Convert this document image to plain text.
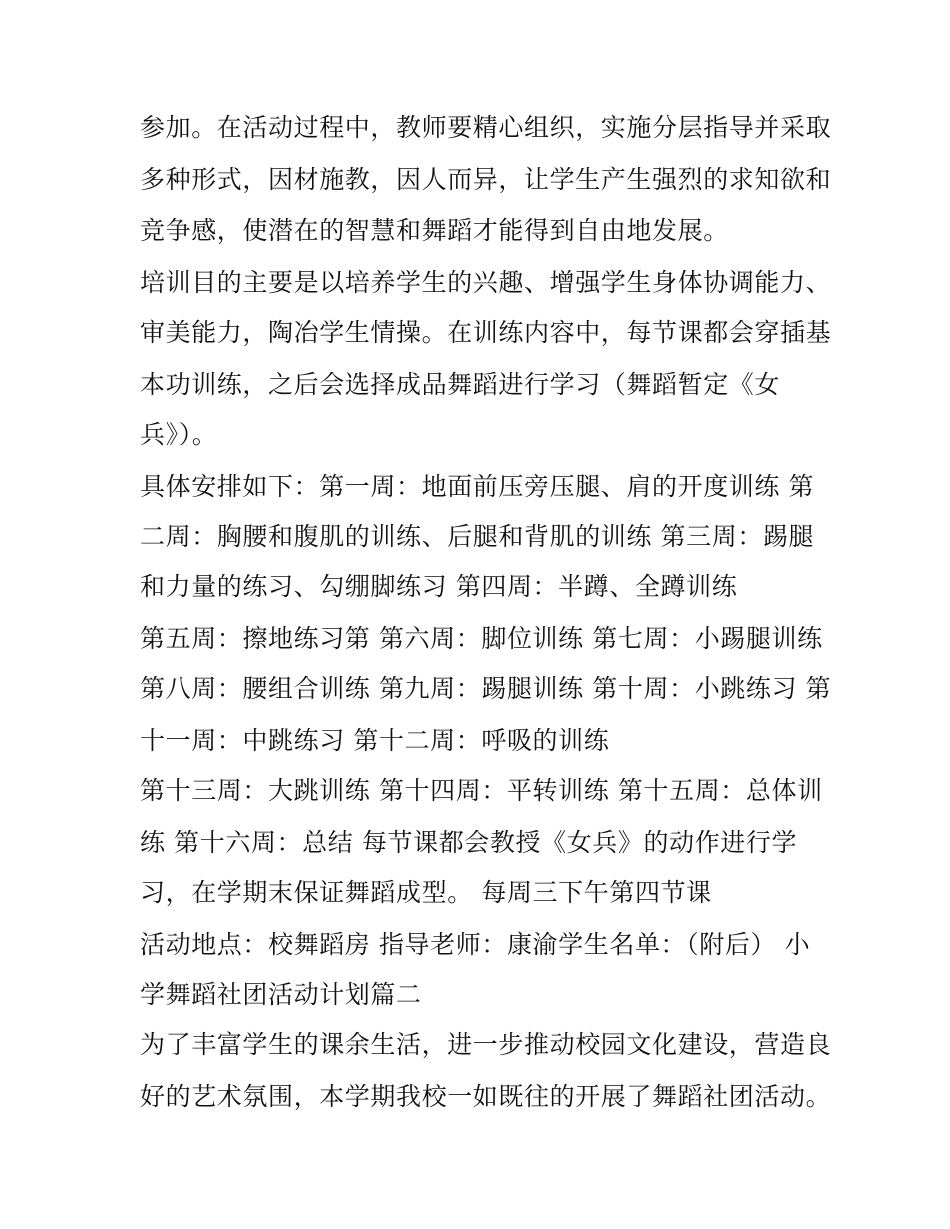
参加。在活动过程中，教师要精心组织，实施分层指导并采取
多种形式，因材施教，因人而异，让学生产生强烈的求知欲和
竞争感，使潜在的智慧和舞蹈才能得到自由地发展。
培训目的主要是以培养学生的兴趣、增强学生身体协调能力、
审美能力，陶冶学生情操。在训练内容中，每节课都会穿插基
本功训练，之后会选择成品舞蹈进行学习（舞蹈暂定《女
兵》）。
具体安排如下：第一周：地面前压旁压腿、肩的开度训练 第
二周：胸腰和腹肌的训练、后腿和背肌的训练 第三周：踢腿
和力量的练习、勾绷脚练习 第四周：半蹲、全蹲训练
第五周：擦地练习第 第六周：脚位训练 第七周：小踢腿训练
第八周：腰组合训练 第九周：踢腿训练 第十周：小跳练习 第
十一周：中跳练习 第十二周：呼吸的训练
第十三周：大跳训练 第十四周：平转训练 第十五周：总体训
练 第十六周：总结 每节课都会教授《女兵》的动作进行学
习，在学期末保证舞蹈成型。 每周三下午第四节课
活动地点：校舞蹈房 指导老师：康渝学生名单：（附后） 小
学舞蹈社团活动计划篇二
为了丰富学生的课余生活，进一步推动校园文化建设，营造良
好的艺术氛围，本学期我校一如既往的开展了舞蹈社团活动。
